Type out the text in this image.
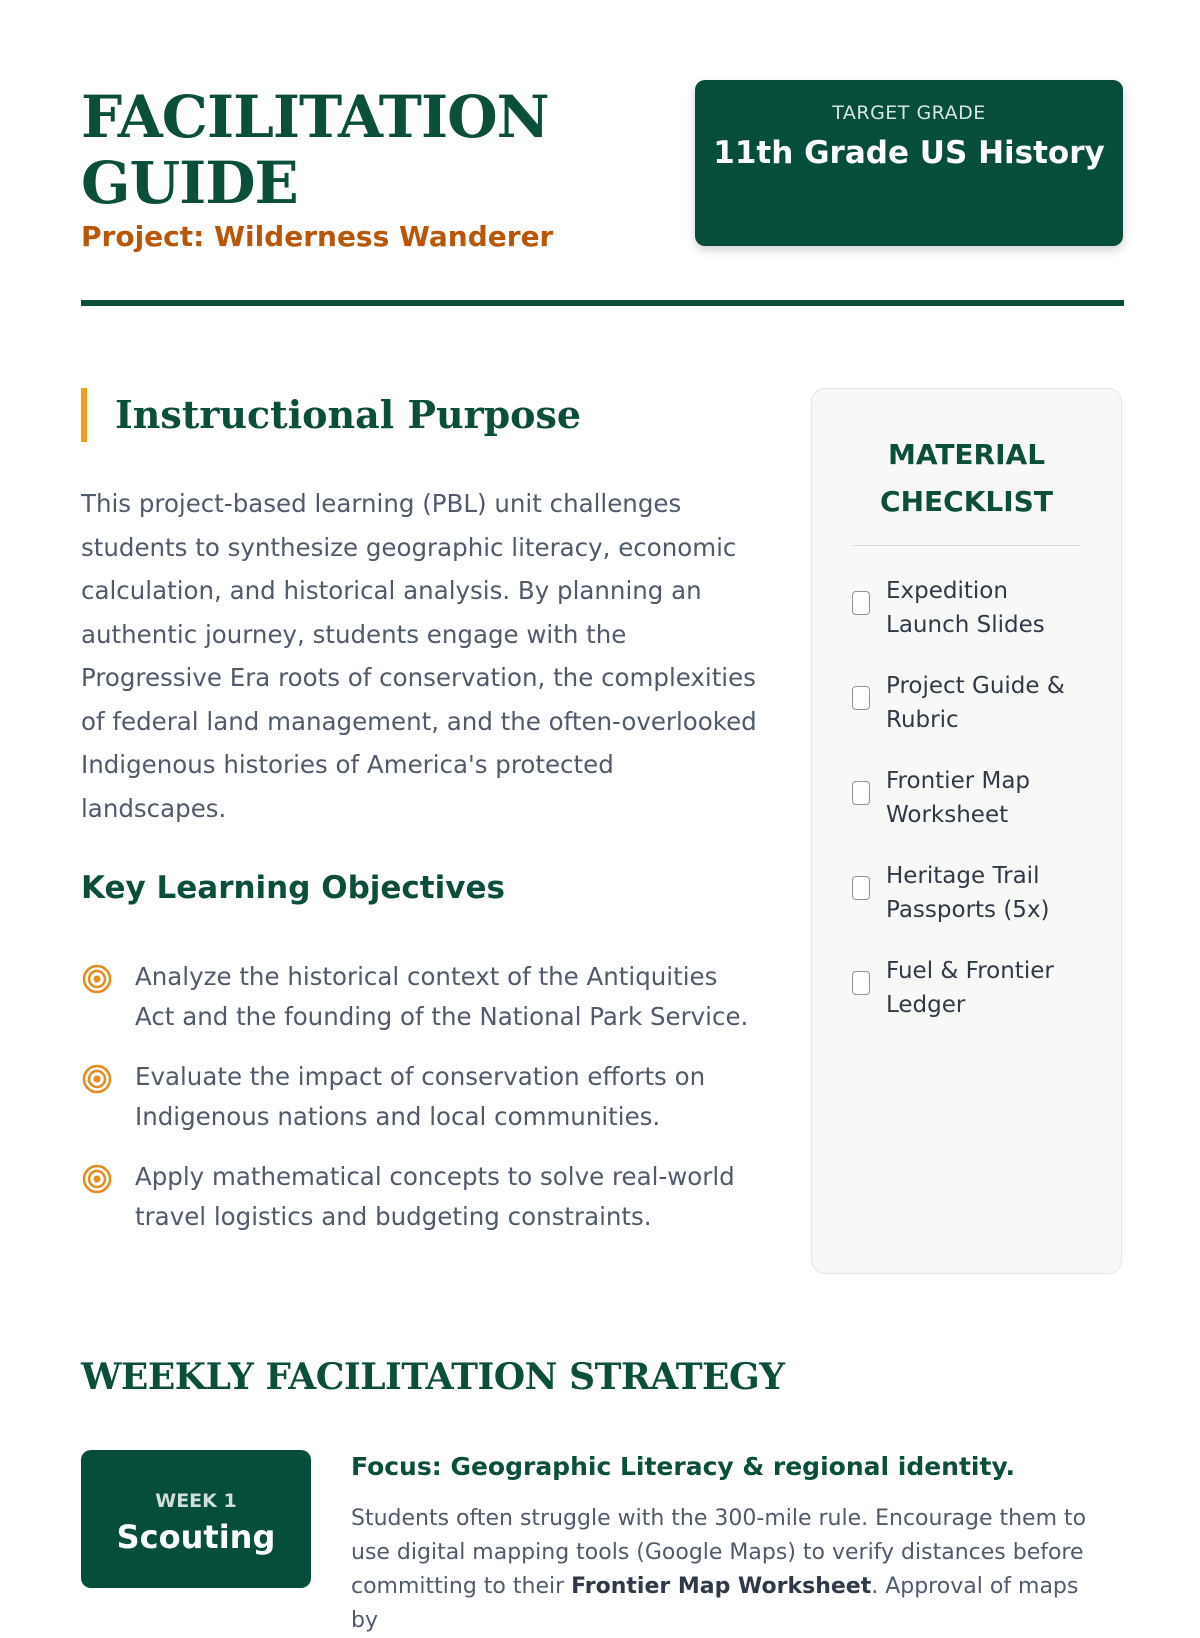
FACILITATION
GUIDE
Project: Wilderness Wanderer
TARGET GRADE
11th Grade US History
Instructional Purpose

This project-based learning (PBL) unit challenges students to synthesize geographic literacy, economic calculation, and historical analysis. By planning an authentic journey, students engage with the Progressive Era roots of conservation, the complexities of federal land management, and the often-overlooked Indigenous histories of America's protected landscapes.

Key Learning Objectives
Analyze the historical context of the Antiquities Act and the founding of the National Park Service.
Evaluate the impact of conservation efforts on Indigenous nations and local communities.
Apply mathematical concepts to solve real-world travel logistics and budgeting constraints.
MATERIAL CHECKLIST
Expedition Launch Slides
Project Guide & Rubric
Frontier Map Worksheet
Heritage Trail Passports (5x)
Fuel & Frontier Ledger
WEEKLY FACILITATION STRATEGY
WEEK 1
Scouting
Focus: Geographic Literacy & regional identity.

Students often struggle with the 300-mile rule. Encourage them to use digital mapping tools (Google Maps) to verify distances before committing to their Frontier Map Worksheet. Approval of maps by
